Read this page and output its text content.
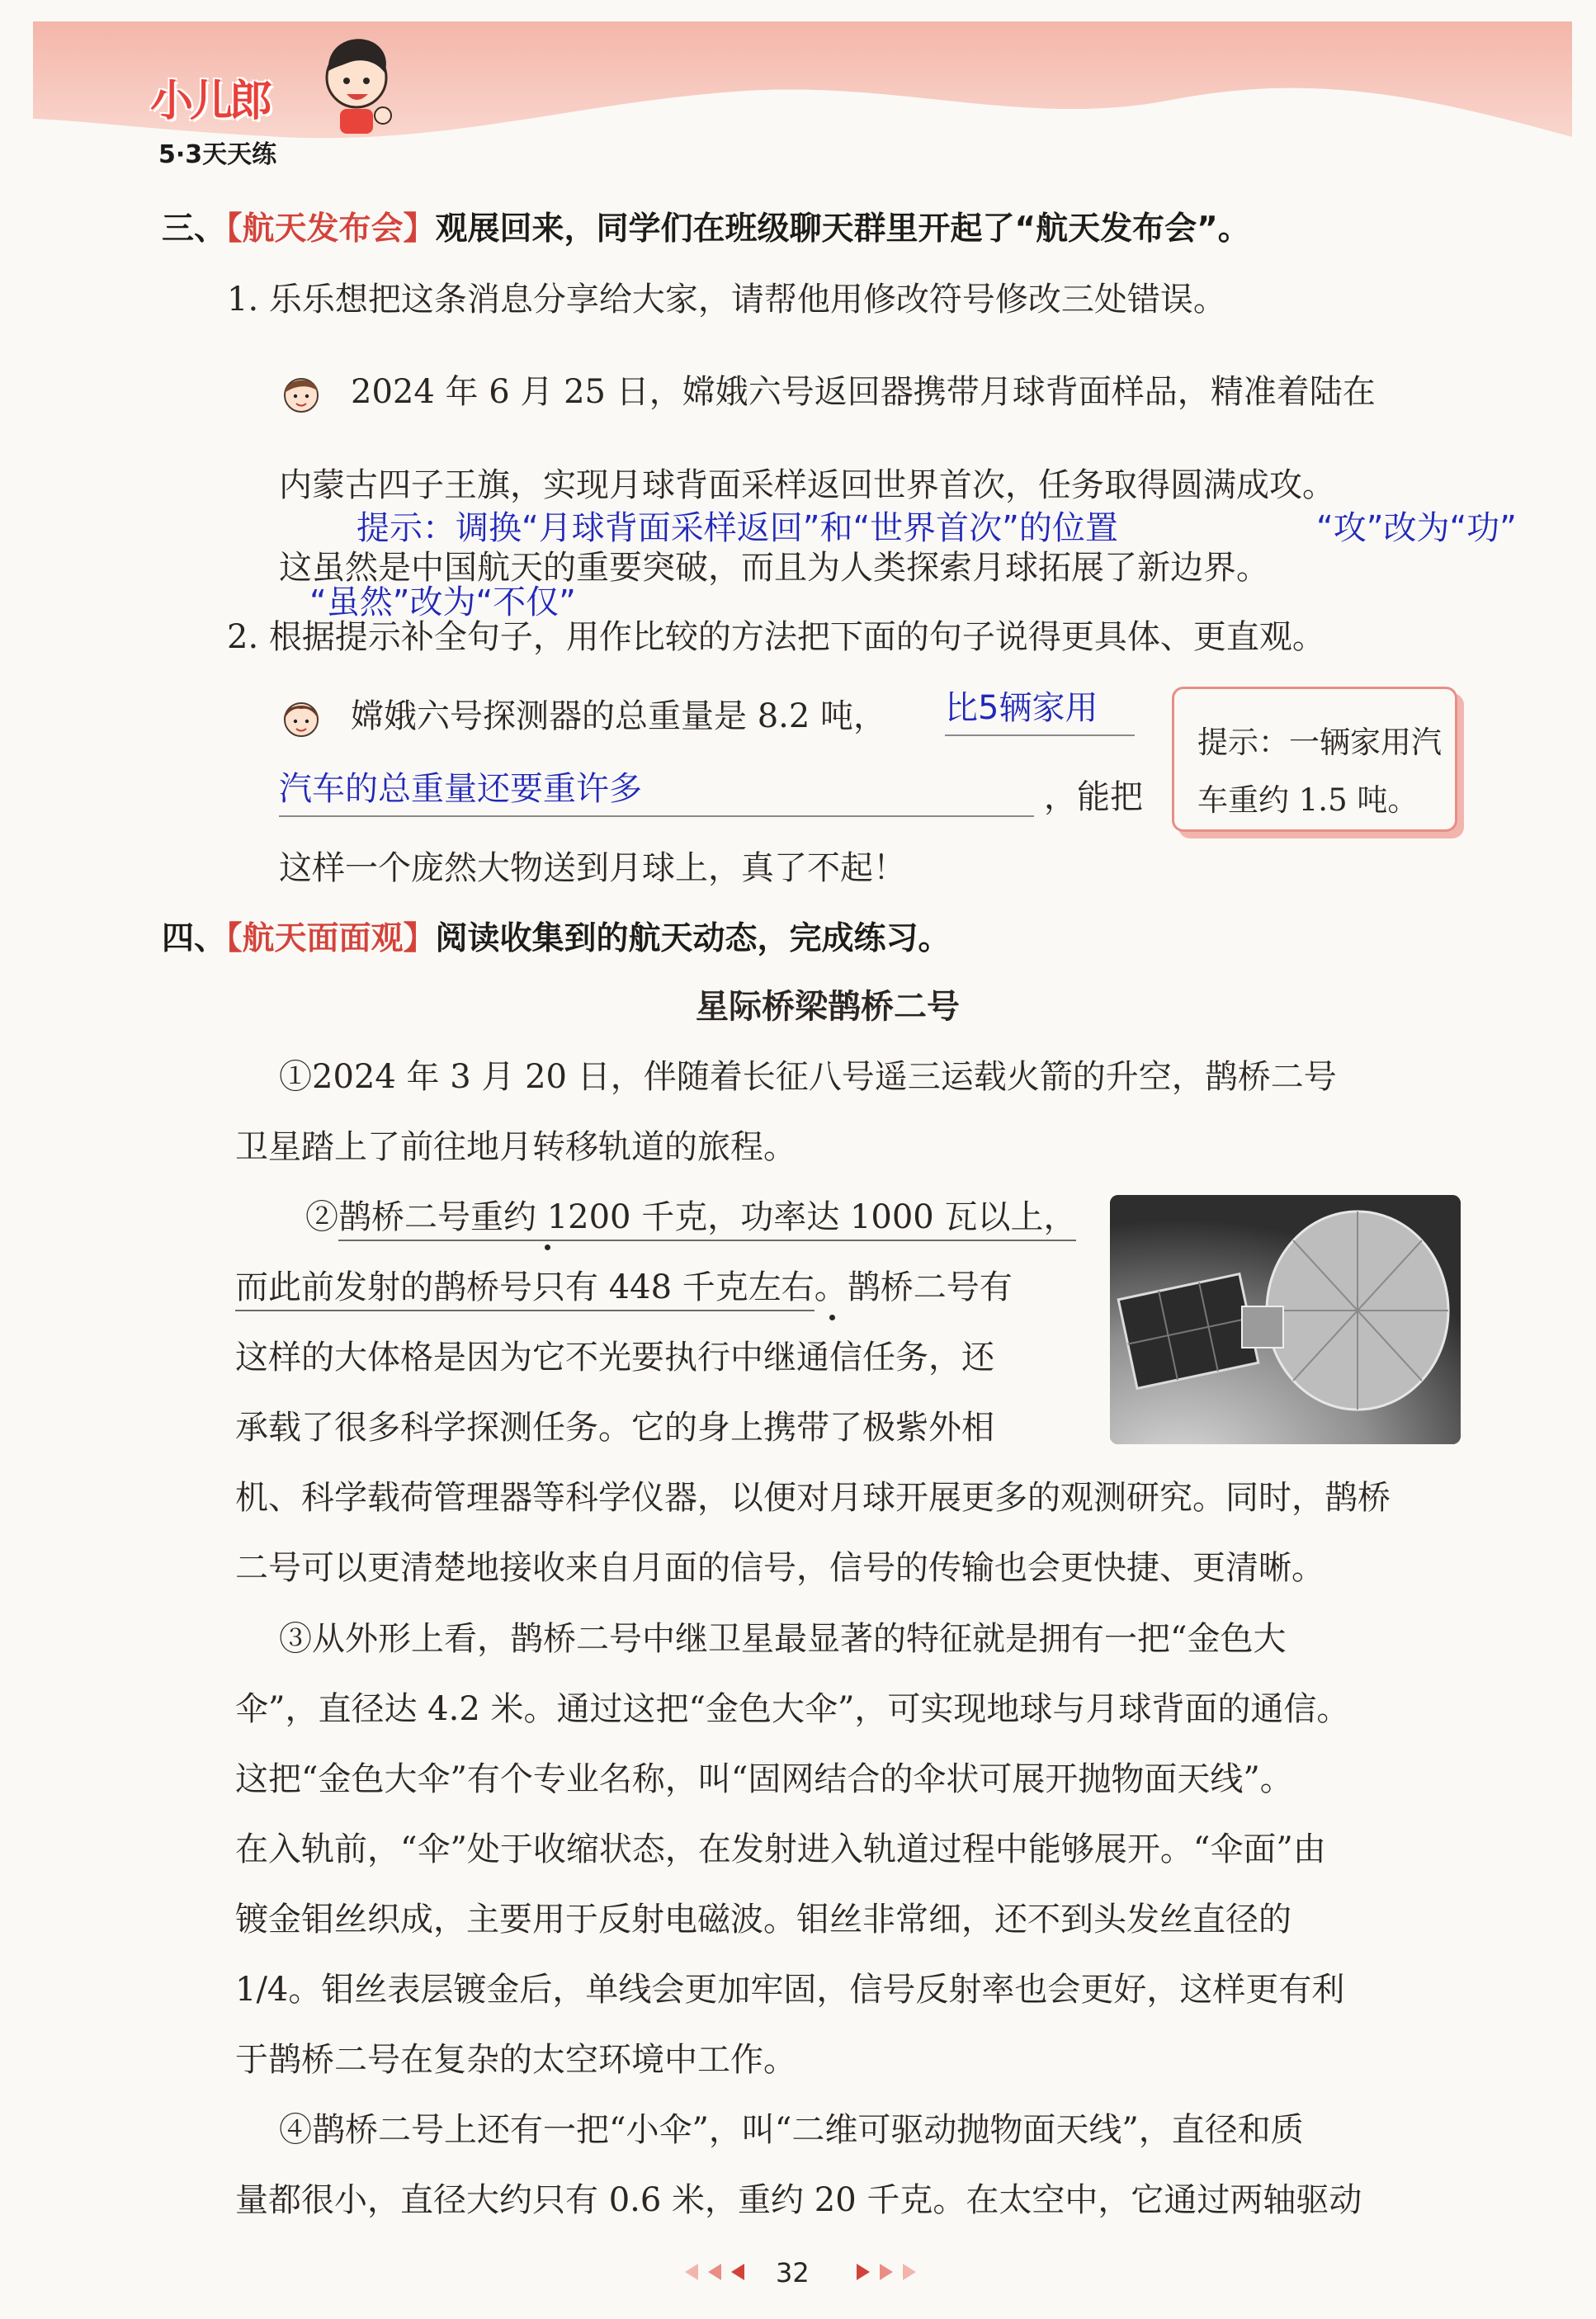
小儿郎
5·3天天练
三、【航天发布会】观展回来，同学们在班级聊天群里开起了“航天发布会”。
1. 乐乐想把这条消息分享给大家，请帮他用修改符号修改三处错误。
2024 年 6 月 25 日，嫦娥六号返回器携带月球背面样品，精准着陆在
内蒙古四子王旗，实现月球背面采样返回世界首次，任务取得圆满成攻。
提示：调换“月球背面采样返回”和“世界首次”的位置	“攻”改为“功”
这虽然是中国航天的重要突破，而且为人类探索月球拓展了新边界。
“虽然”改为“不仅”
2. 根据提示补全句子，用作比较的方法把下面的句子说得更具体、更直观。
嫦娥六号探测器的总重量是 8.2 吨， 比5辆家用
汽车的总重量还要重许多	，能把
这样一个庞然大物送到月球上，真了不起！
提示：一辆家用汽
车重约 1.5 吨。
四、【航天面面观】阅读收集到的航天动态，完成练习。
星际桥梁鹊桥二号
①2024 年 3 月 20 日，伴随着长征八号遥三运载火箭的升空，鹊桥二号
卫星踏上了前往地月转移轨道的旅程。
②鹊桥二号重约 1200 千克，功率达 1000 瓦以上，
而此前发射的鹊桥号只有 448 千克左右。鹊桥二号有
这样的大体格是因为它不光要执行中继通信任务，还
承载了很多科学探测任务。它的身上携带了极紫外相
机、科学载荷管理器等科学仪器，以便对月球开展更多的观测研究。同时，鹊桥
二号可以更清楚地接收来自月面的信号，信号的传输也会更快捷、更清晰。
③从外形上看，鹊桥二号中继卫星最显著的特征就是拥有一把“金色大
伞”，直径达 4.2 米。通过这把“金色大伞”，可实现地球与月球背面的通信。
这把“金色大伞”有个专业名称，叫“固网结合的伞状可展开抛物面天线”。
在入轨前，“伞”处于收缩状态，在发射进入轨道过程中能够展开。“伞面”由
镀金钼丝织成，主要用于反射电磁波。钼丝非常细，还不到头发丝直径的
1/4。钼丝表层镀金后，单线会更加牢固，信号反射率也会更好，这样更有利
于鹊桥二号在复杂的太空环境中工作。
④鹊桥二号上还有一把“小伞”，叫“二维可驱动抛物面天线”，直径和质
量都很小，直径大约只有 0.6 米，重约 20 千克。在太空中，它通过两轴驱动
32
